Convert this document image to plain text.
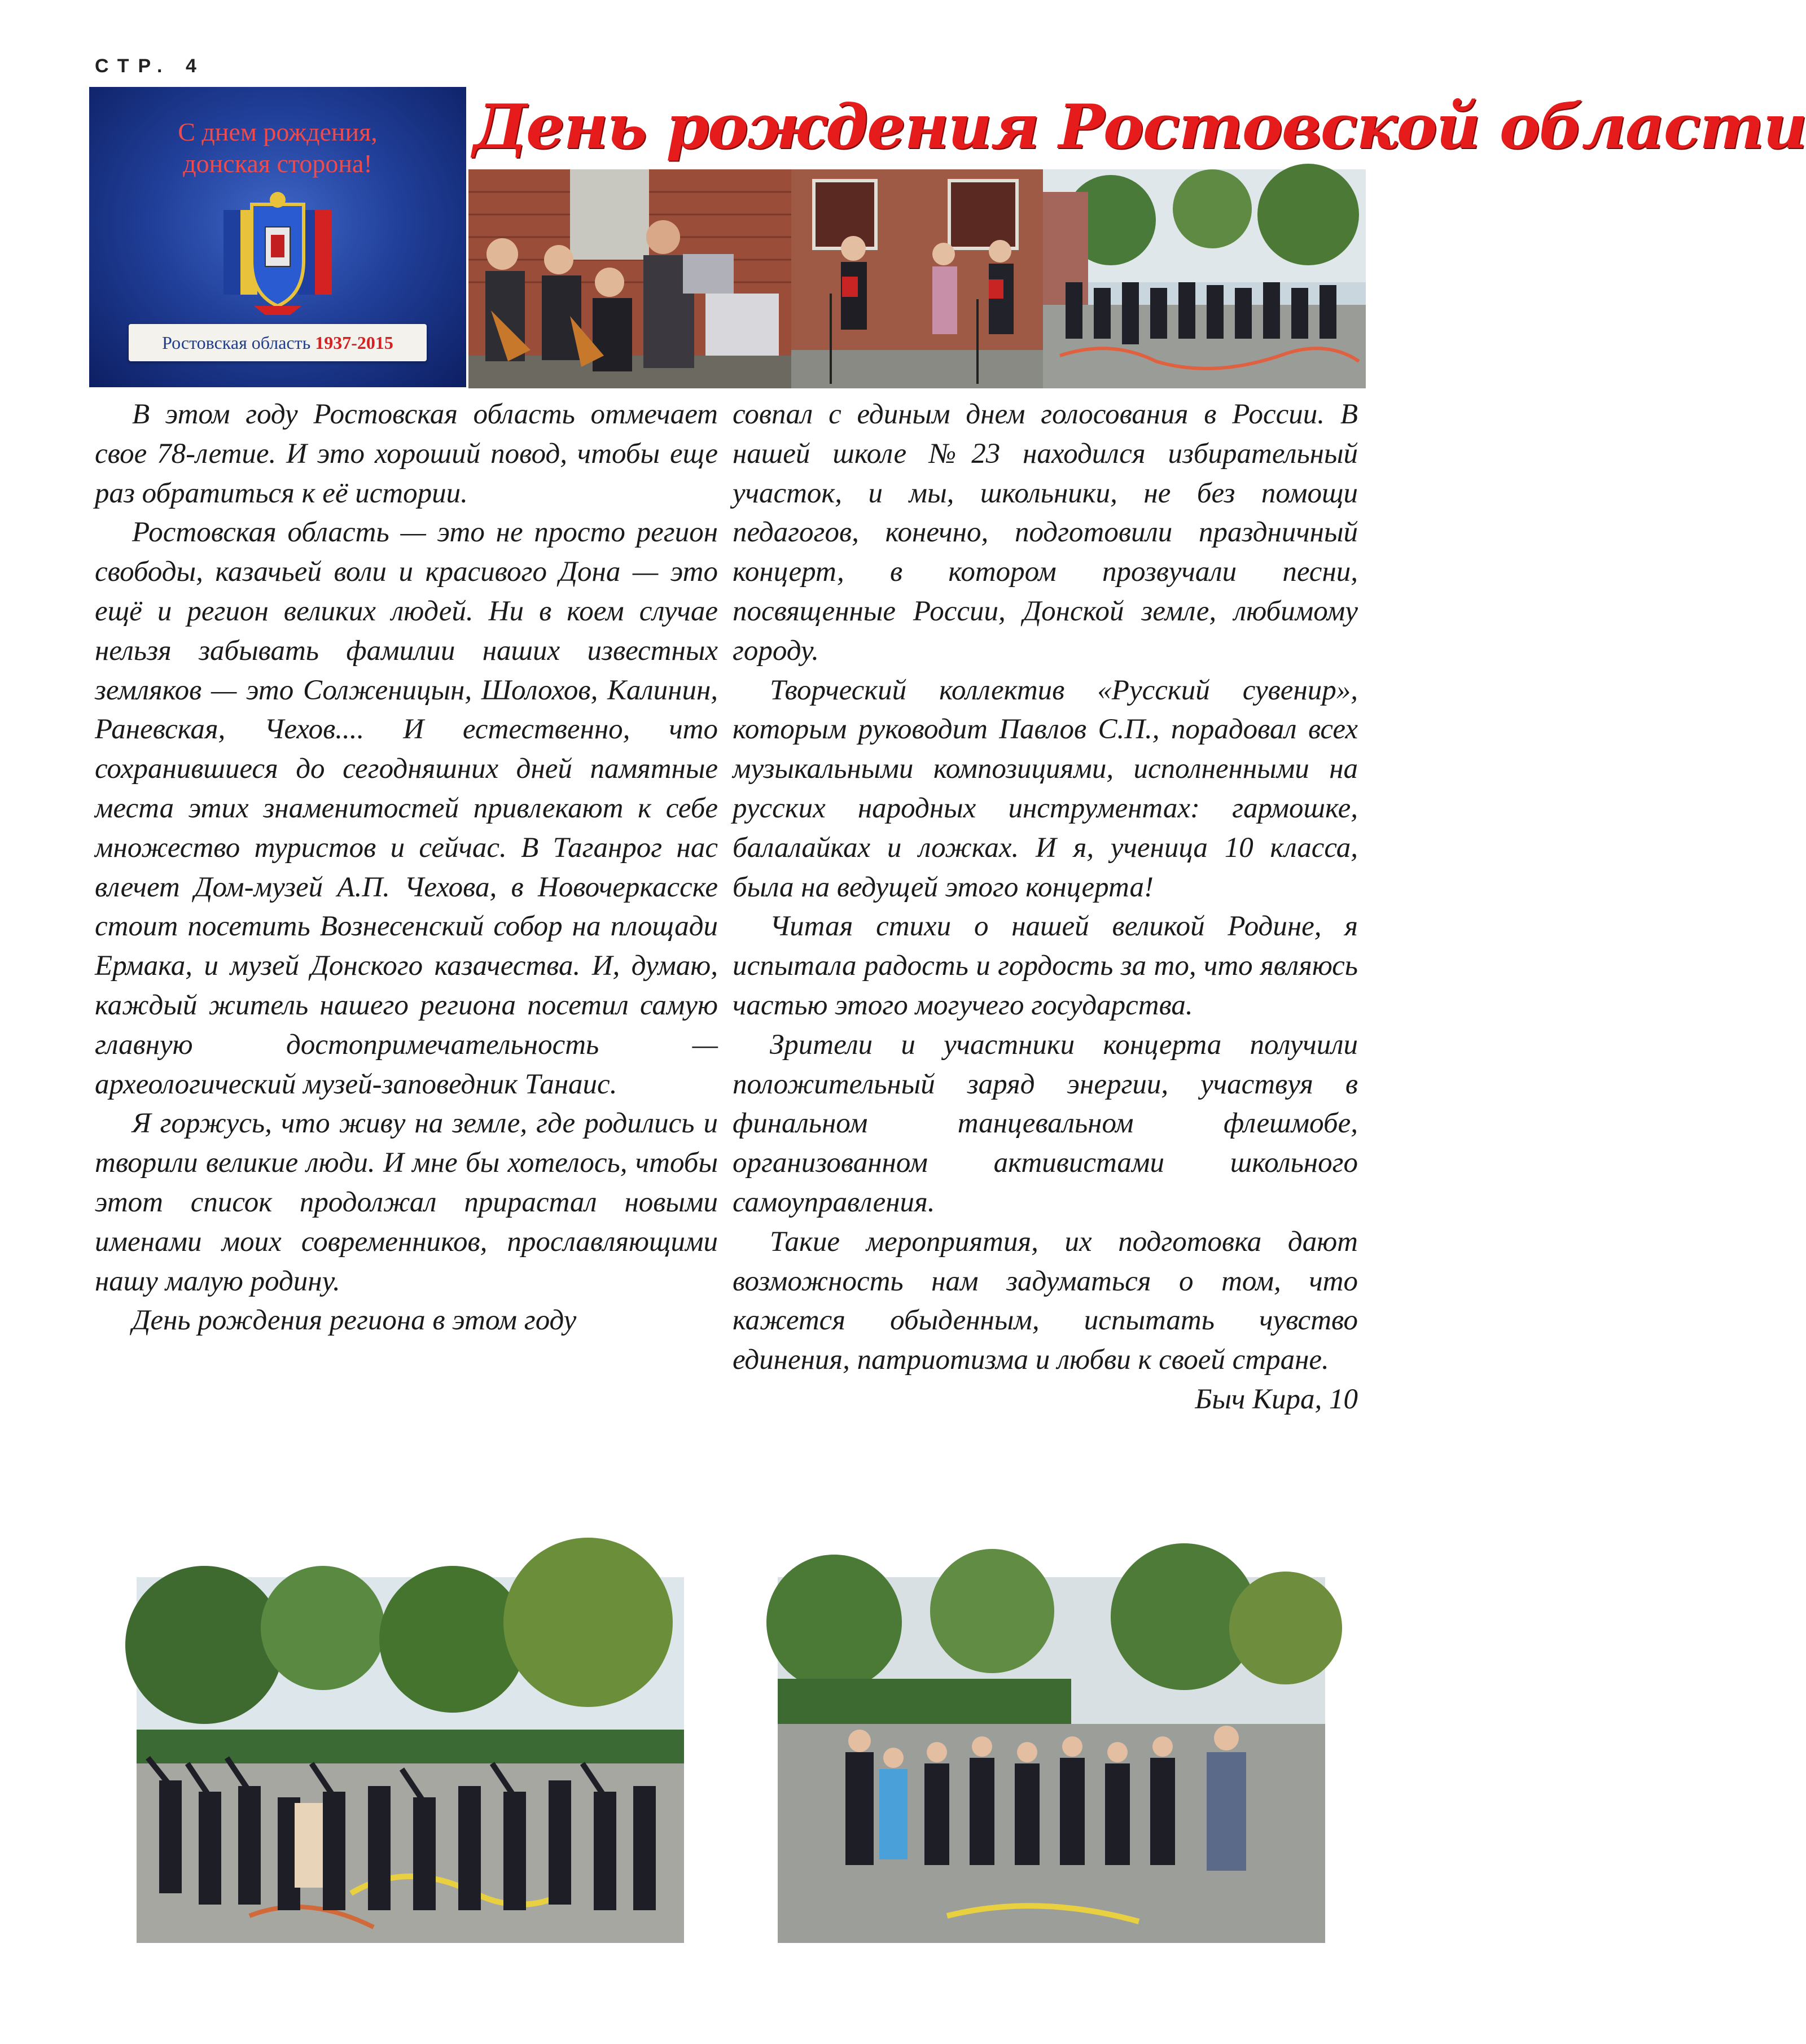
СТР. 4
С днем рождения,
донская сторона!
Ростовская область 1937-2015
День рождения Ростовской области

В этом году Ростовская область отмечает свое 78-летие. И это хороший повод, чтобы еще раз обратиться к её истории.

Ростовская область — это не просто регион свободы, казачьей воли и красивого Дона — это ещё и регион великих людей. Ни в коем случае нельзя забывать фамилии наших известных земляков — это Солженицын, Шолохов, Калинин, Раневская, Чехов.... И естественно, что сохранившиеся до сегодняшних дней памятные места этих знаменитостей привлекают к себе множество туристов и сейчас. В Таганрог нас влечет Дом-музей А.П. Чехова, в Новочеркасске стоит посетить Вознесенский собор на площади Ермака, и музей Донского казачества. И, думаю, каждый житель нашего региона посетил самую главную достопримечательность —археологический музей-заповедник Танаис.

Я горжусь, что живу на земле, где родились и творили великие люди. И мне бы хотелось, чтобы этот список продолжал прирастал новыми именами моих современников, прославляющими нашу малую родину.

День рождения региона в этом году

совпал с единым днем голосования в России. В нашей школе №23 находился избирательный участок, и мы, школьники, не без помощи педагогов, конечно, подготовили праздничный концерт, в котором прозвучали песни, посвященные России, Донской земле, любимому городу.

Творческий коллектив «Русский сувенир», которым руководит Павлов С.П., порадовал всех музыкальными композициями, исполненными на русских народных инструментах: гармошке, балалайках и ложках. И я, ученица 10 класса, была на ведущей этого концерта!

Читая стихи о нашей великой Родине, я испытала радость и гордость за то, что являюсь частью этого могучего государства.

Зрители и участники концерта получили положительный заряд энергии, участвуя в финальном танцевальном флешмобе, организованном активистами школьного самоуправления.

Такие мероприятия, их подготовка дают возможность нам задуматься о том, что кажется обыденным, испытать чувство единения, патриотизма и любви к своей стране.

Быч Кира, 10
